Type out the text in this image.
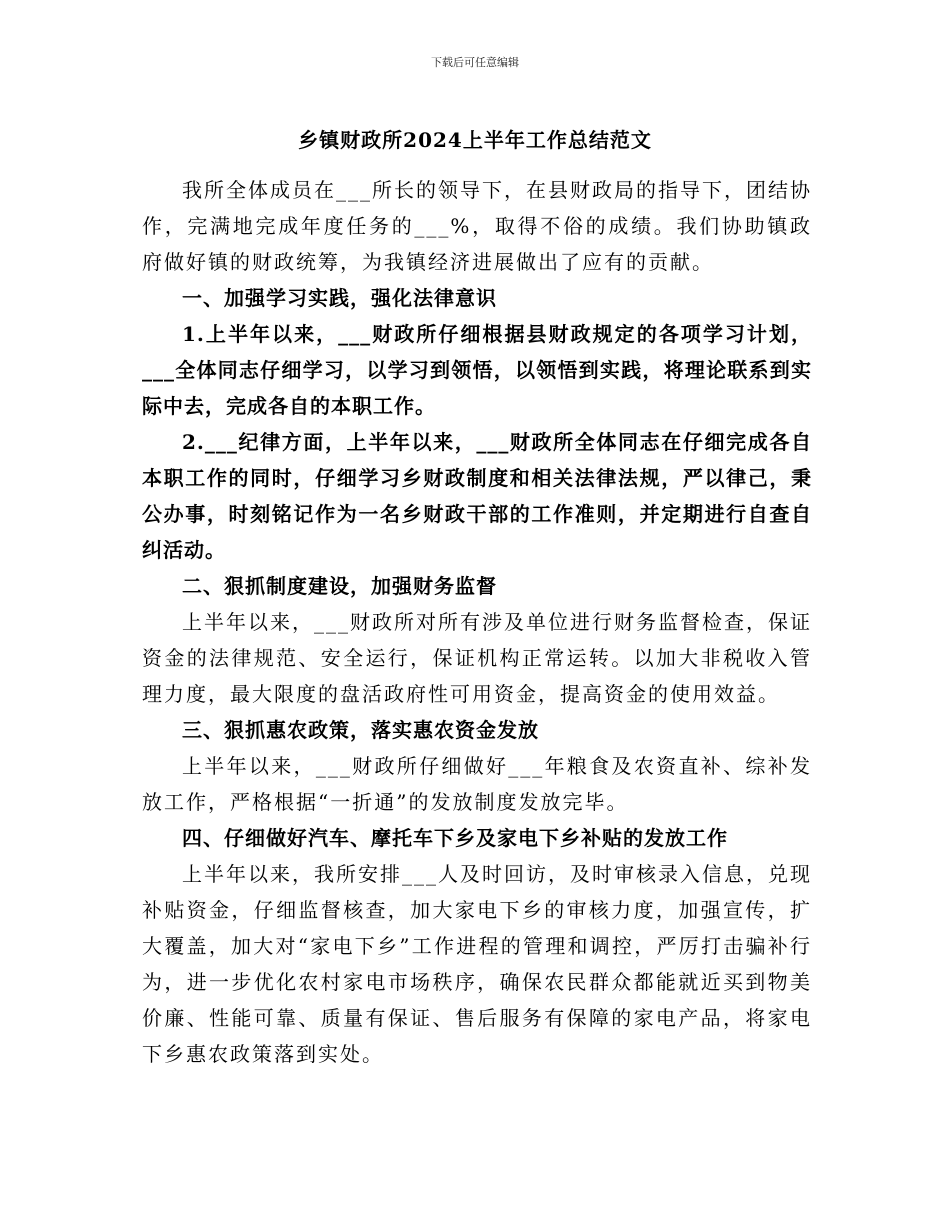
下载后可任意编辑
乡镇财政所2024上半年工作总结范文

我所全体成员在___所长的领导下，在县财政局的指导下，团结协作，完满地完成年度任务的___%，取得不俗的成绩。我们协助镇政府做好镇的财政统筹，为我镇经济进展做出了应有的贡献。

一、加强学习实践，强化法律意识

1.上半年以来，___财政所仔细根据县财政规定的各项学习计划，___全体同志仔细学习，以学习到领悟，以领悟到实践，将理论联系到实际中去，完成各自的本职工作。

2.___纪律方面，上半年以来，___财政所全体同志在仔细完成各自本职工作的同时，仔细学习乡财政制度和相关法律法规，严以律己，秉公办事，时刻铭记作为一名乡财政干部的工作准则，并定期进行自查自纠活动。

二、狠抓制度建设，加强财务监督

上半年以来，___财政所对所有涉及单位进行财务监督检查，保证资金的法律规范、安全运行，保证机构正常运转。以加大非税收入管理力度，最大限度的盘活政府性可用资金，提高资金的使用效益。

三、狠抓惠农政策，落实惠农资金发放

上半年以来，___财政所仔细做好___年粮食及农资直补、综补发放工作，严格根据“一折通”的发放制度发放完毕。

四、仔细做好汽车、摩托车下乡及家电下乡补贴的发放工作

上半年以来，我所安排___人及时回访，及时审核录入信息，兑现补贴资金，仔细监督核查，加大家电下乡的审核力度，加强宣传，扩大覆盖，加大对“家电下乡”工作进程的管理和调控，严厉打击骗补行为，进一步优化农村家电市场秩序，确保农民群众都能就近买到物美价廉、性能可靠、质量有保证、售后服务有保障的家电产品，将家电下乡惠农政策落到实处。
